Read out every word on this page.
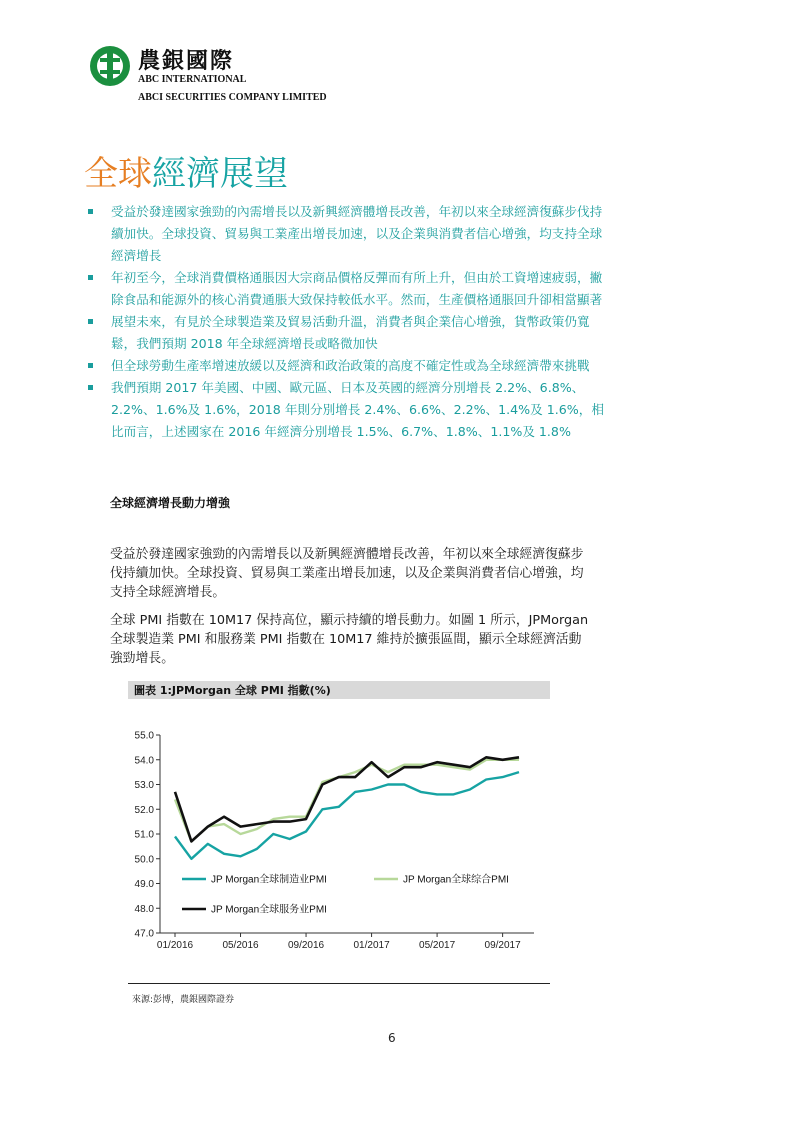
農銀國際
ABC INTERNATIONAL
ABCI SECURITIES COMPANY LIMITED
全球經濟展望
受益於發達國家強勁的內需增長以及新興經濟體增長改善，年初以來全球經濟復蘇步伐持續加快。全球投資、貿易與工業產出增長加速，以及企業與消費者信心增強，均支持全球經濟增長
年初至今，全球消費價格通脹因大宗商品價格反彈而有所上升，但由於工資增速疲弱，撇除食品和能源外的核心消費通脹大致保持較低水平。然而，生產價格通脹回升卻相當顯著
展望未來，有見於全球製造業及貿易活動升溫，消費者與企業信心增強，貨幣政策仍寬鬆，我們預期 2018 年全球經濟增長或略微加快
但全球勞動生產率增速放緩以及經濟和政治政策的高度不確定性或為全球經濟帶來挑戰
我們預期 2017 年美國、中國、歐元區、日本及英國的經濟分別增長 2.2%、6.8%、2.2%、1.6%及 1.6%，2018 年則分別增長 2.4%、6.6%、2.2%、1.4%及 1.6%，相比而言，上述國家在 2016 年經濟分別增長 1.5%、6.7%、1.8%、1.1%及 1.8%
全球經濟增長動力增強

受益於發達國家強勁的內需增長以及新興經濟體增長改善，年初以來全球經濟復蘇步伐持續加快。全球投資、貿易與工業產出增長加速，以及企業與消費者信心增強，均支持全球經濟增長。

全球 PMI 指數在 10M17 保持高位，顯示持續的增長動力。如圖 1 所示，JPMorgan 全球製造業 PMI 和服務業 PMI 指數在 10M17 維持於擴張區間，顯示全球經濟活動強勁增長。

圖表 1:JPMorgan 全球 PMI 指數(%)
47.0
48.0
49.0
50.0
51.0
52.0
53.0
54.0
55.0
01/2016	05/2016	09/2016	01/2017	05/2017	09/2017
JP Morgan全球制造业PMI	JP Morgan全球综合PMI
JP Morgan全球服务业PMI
來源:彭博，農銀國際證券
6
